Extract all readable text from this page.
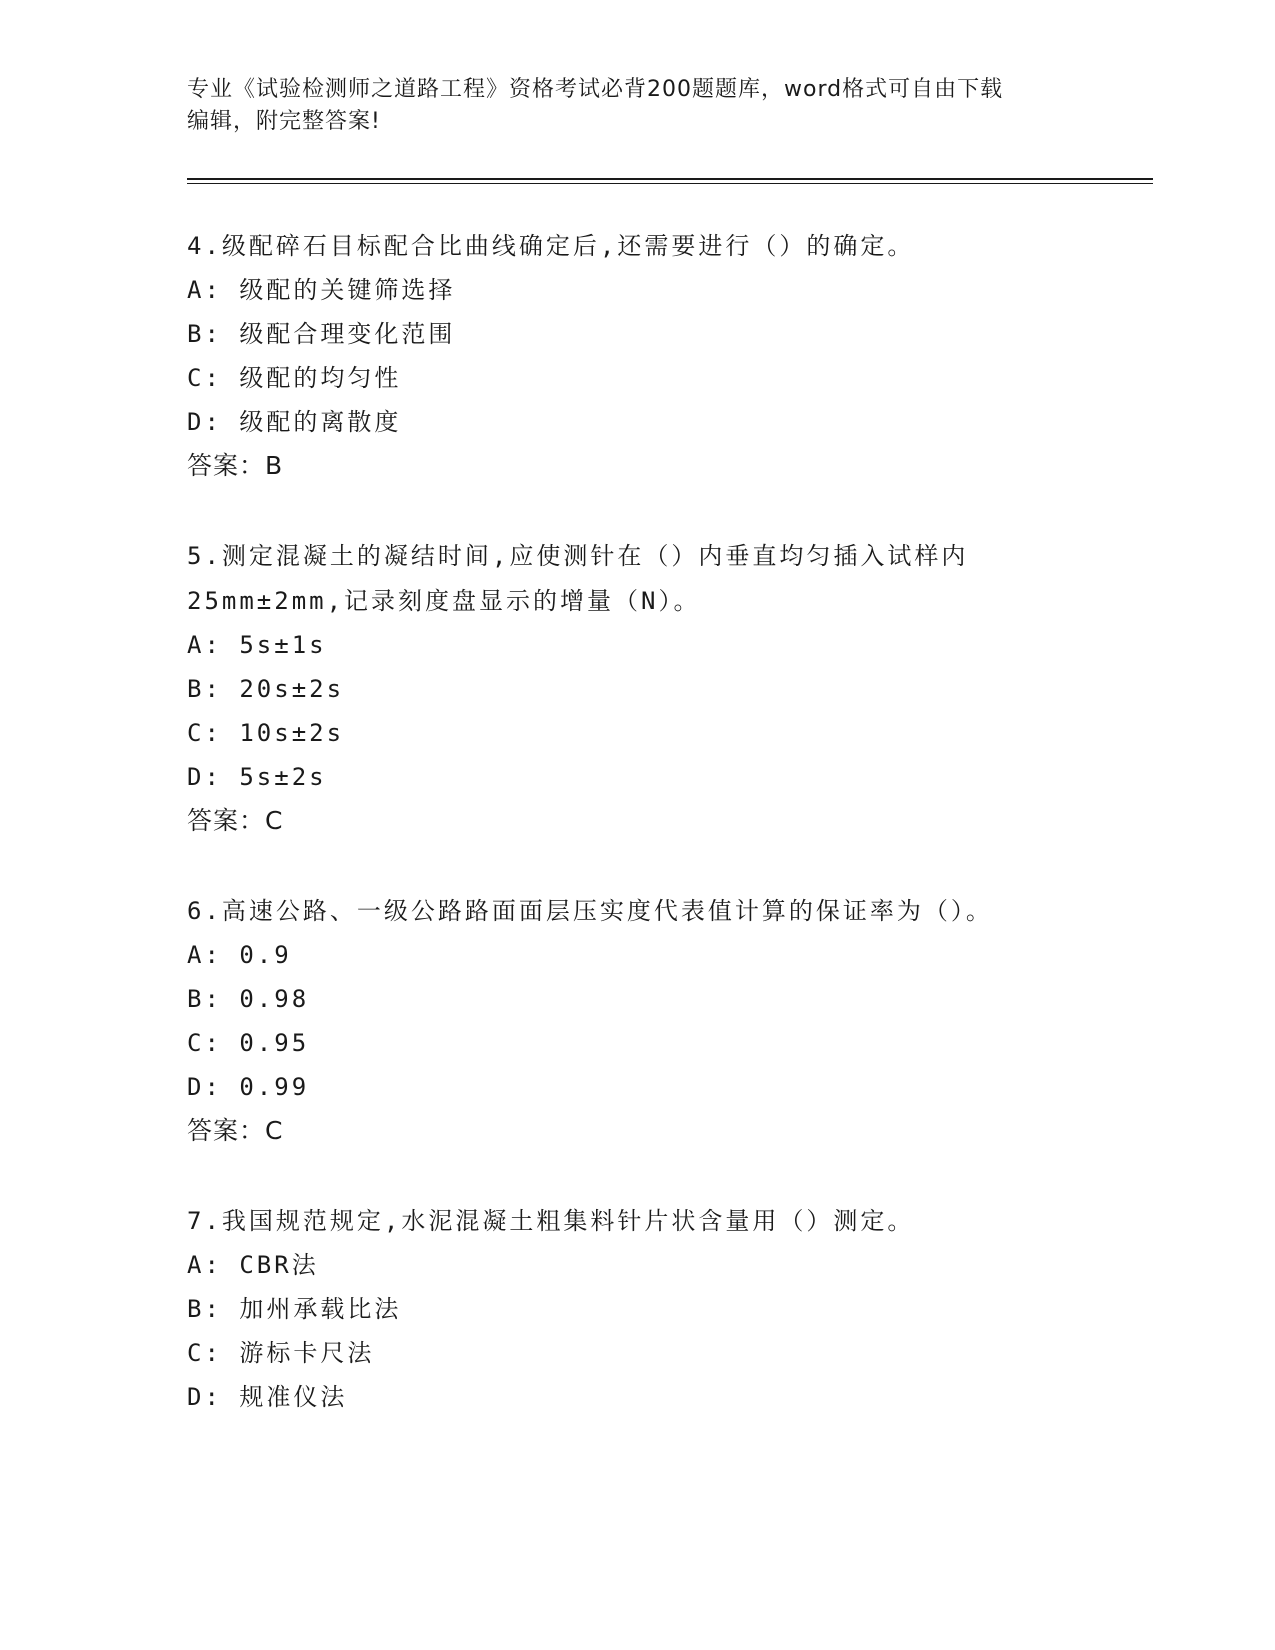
专业《试验检测师之道路工程》资格考试必背200题题库，word格式可自由下载
编辑，附完整答案!
4.级配碎石目标配合比曲线确定后,还需要进行（）的确定。
A: 级配的关键筛选择
B: 级配合理变化范围
C: 级配的均匀性
D: 级配的离散度
答案：B
5.测定混凝土的凝结时间,应使测针在（）内垂直均匀插入试样内
25mm±2mm,记录刻度盘显示的增量（N）。
A: 5s±1s
B: 20s±2s
C: 10s±2s
D: 5s±2s
答案：C
6.高速公路、一级公路路面面层压实度代表值计算的保证率为（）。
A: 0.9
B: 0.98
C: 0.95
D: 0.99
答案：C
7.我国规范规定,水泥混凝土粗集料针片状含量用（）测定。
A: CBR法
B: 加州承载比法
C: 游标卡尺法
D: 规准仪法
